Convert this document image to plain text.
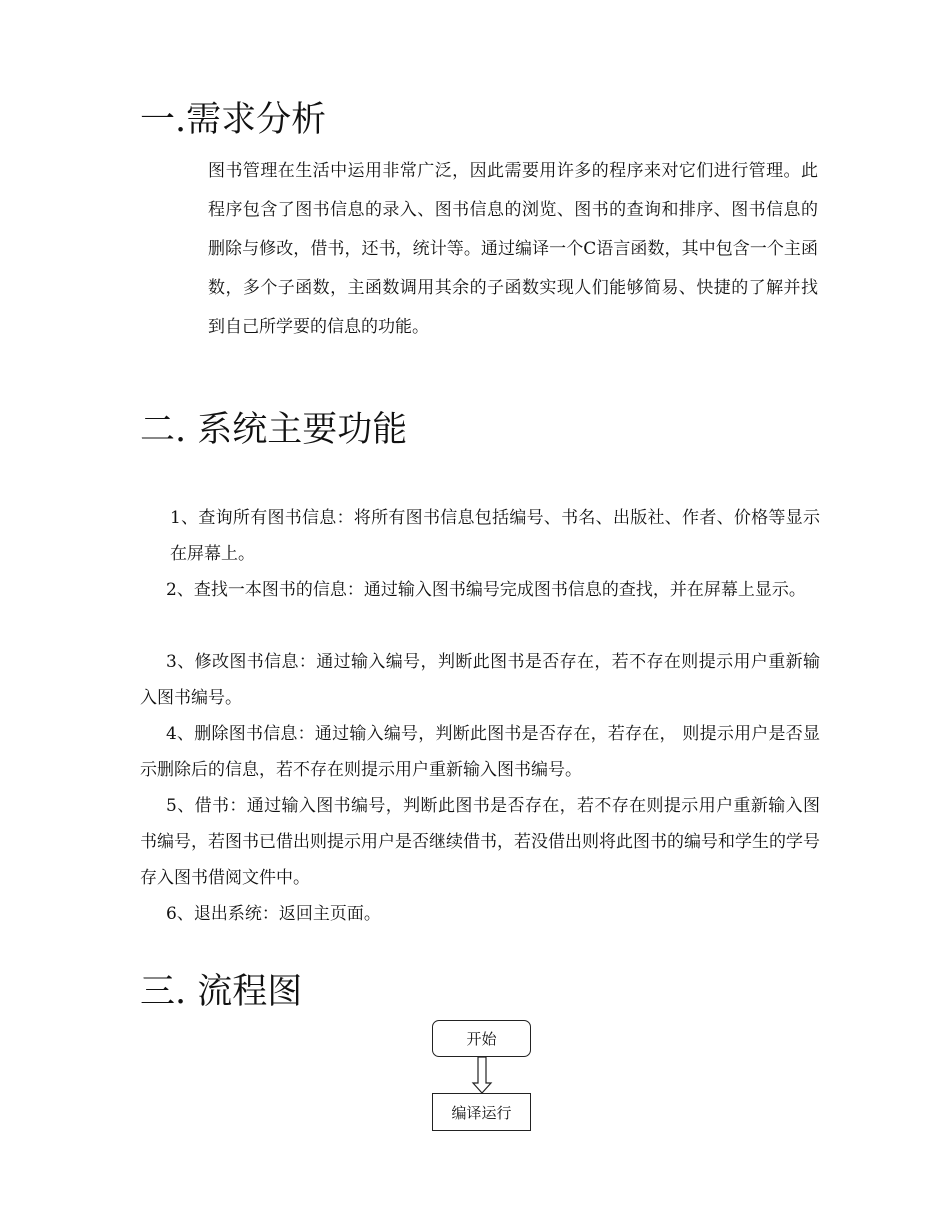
一.需求分析

图书管理在生活中运用非常广泛，因此需要用许多的程序来对它们进行管理。此程序包含了图书信息的录入、图书信息的浏览、图书的查询和排序、图书信息的删除与修改，借书，还书，统计等。通过编译一个C语言函数，其中包含一个主函数，多个子函数，主函数调用其余的子函数实现人们能够简易、快捷的了解并找到自己所学要的信息的功能。

二. 系统主要功能

1、查询所有图书信息：将所有图书信息包括编号、书名、出版社、作者、价格等显示在屏幕上。

2、查找一本图书的信息：通过输入图书编号完成图书信息的查找，并在屏幕上显示。

3、修改图书信息：通过输入编号，判断此图书是否存在，若不存在则提示用户重新输入图书编号。

4、删除图书信息：通过输入编号，判断此图书是否存在，若存在， 则提示用户是否显示删除后的信息，若不存在则提示用户重新输入图书编号。

5、借书：通过输入图书编号，判断此图书是否存在，若不存在则提示用户重新输入图书编号，若图书已借出则提示用户是否继续借书，若没借出则将此图书的编号和学生的学号存入图书借阅文件中。

6、退出系统：返回主页面。

三. 流程图
开始
编译运行
